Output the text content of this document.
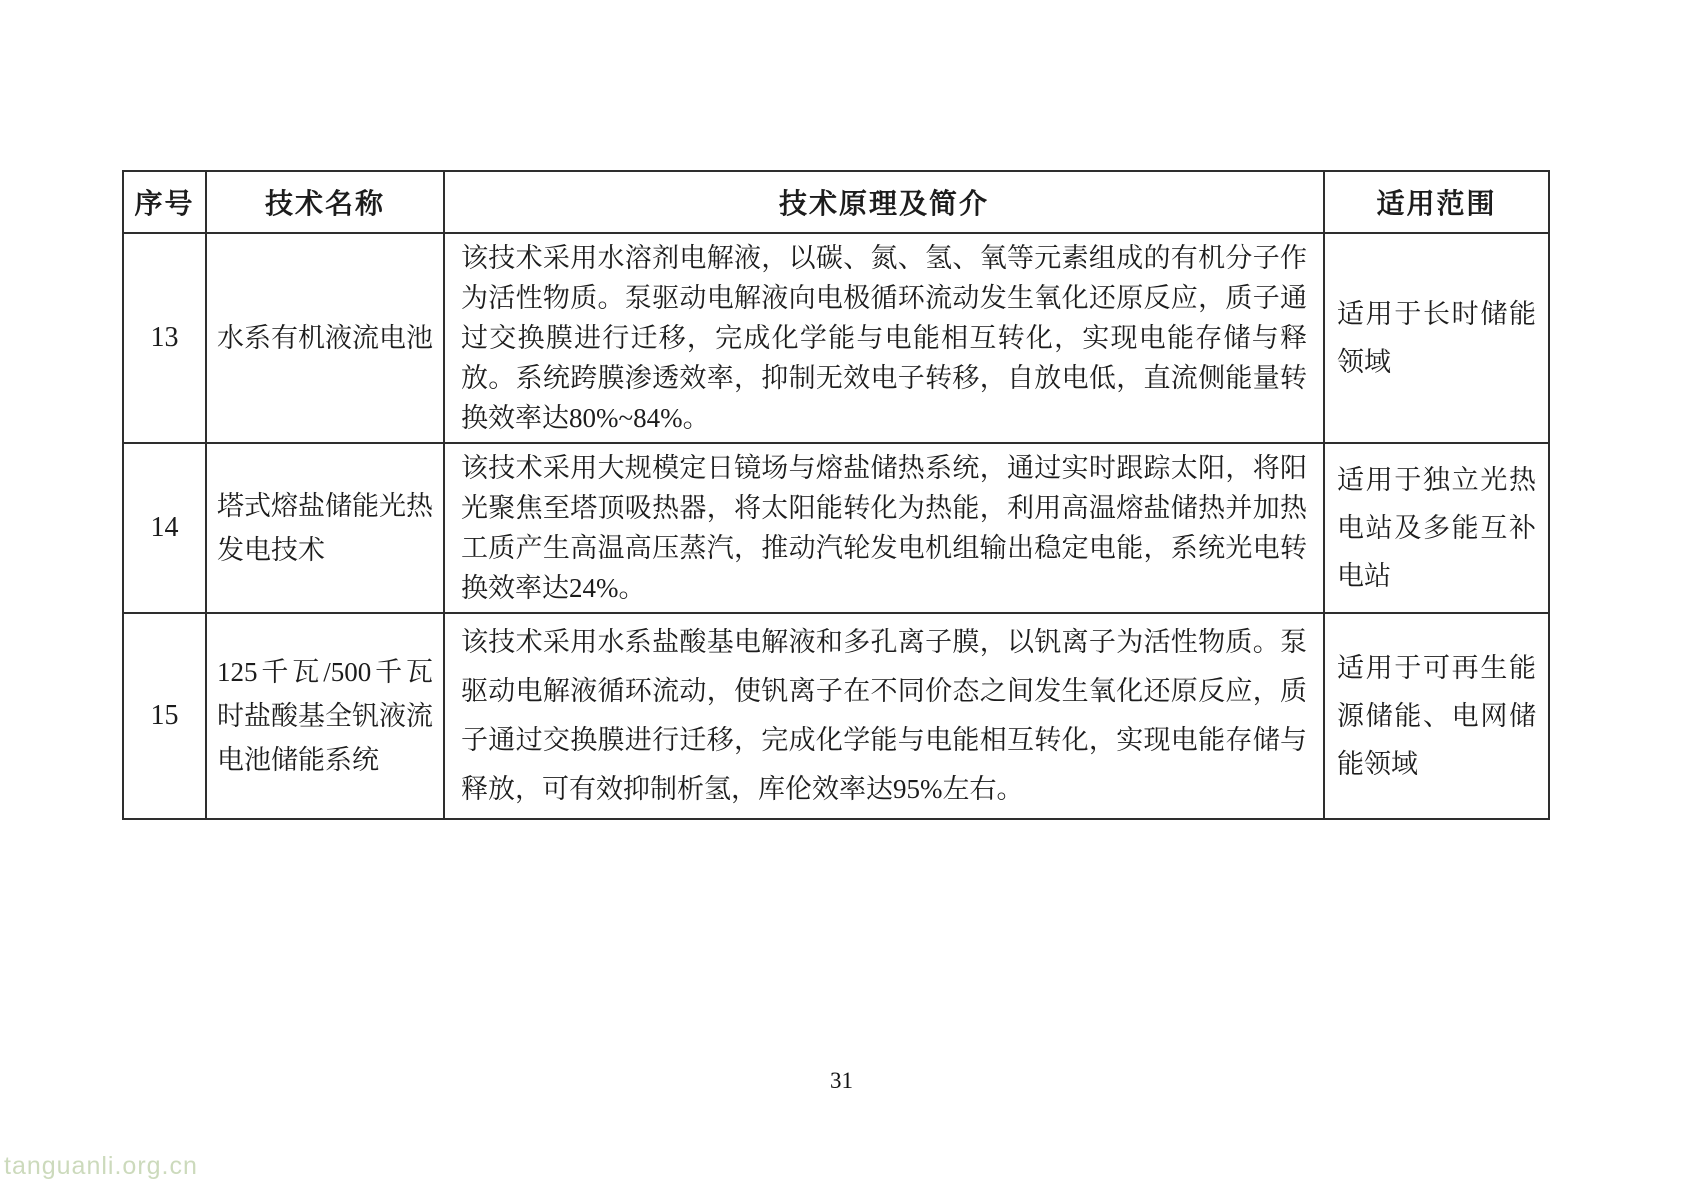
序号	技术名称	技术原理及简介	适用范围
13	水系有机液流电池	该技术采用水溶剂电解液，以碳、氮、氢、氧等元素组成的有机分子作为活性物质。泵驱动电解液向电极循环流动发生氧化还原反应，质子通过交换膜进行迁移，完成化学能与电能相互转化，实现电能存储与释放。系统跨膜渗透效率，抑制无效电子转移，自放电低，直流侧能量转换效率达80%~84%。	适用于长时储能领域
14	塔式熔盐储能光热发电技术	该技术采用大规模定日镜场与熔盐储热系统，通过实时跟踪太阳，将阳光聚焦至塔顶吸热器，将太阳能转化为热能，利用高温熔盐储热并加热工质产生高温高压蒸汽，推动汽轮发电机组输出稳定电能，系统光电转换效率达24%。	适用于独立光热电站及多能互补电站
15	125千瓦/500千瓦时盐酸基全钒液流电池储能系统	该技术采用水系盐酸基电解液和多孔离子膜，以钒离子为活性物质。泵驱动电解液循环流动，使钒离子在不同价态之间发生氧化还原反应，质子通过交换膜进行迁移，完成化学能与电能相互转化，实现电能存储与释放，可有效抑制析氢，库伦效率达95%左右。	适用于可再生能源储能、电网储能领域
31
tanguanli.org.cn
